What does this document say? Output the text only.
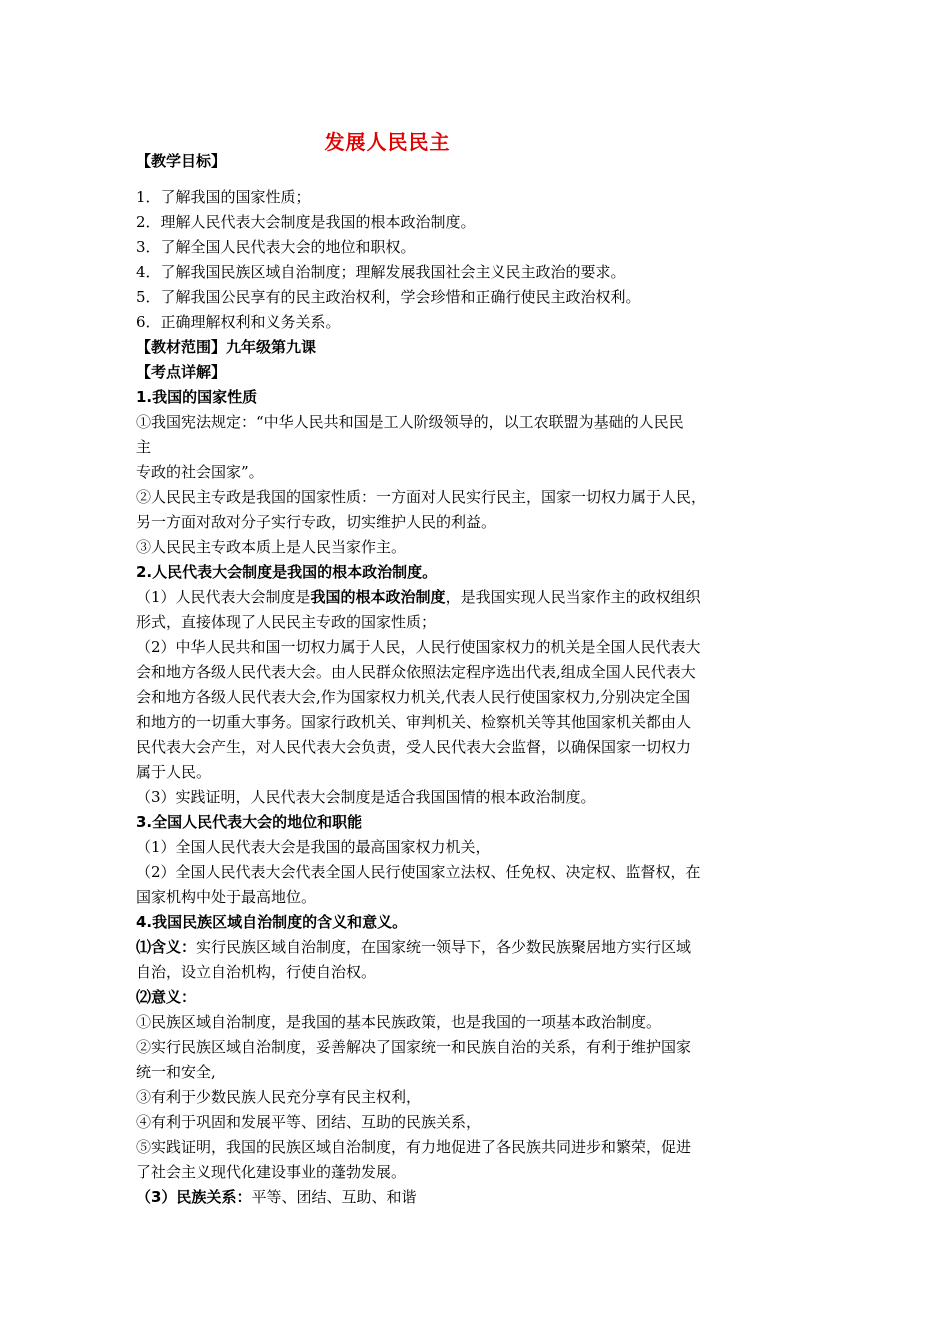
发展人民民主
【教学目标】
1．了解我国的国家性质；
2．理解人民代表大会制度是我国的根本政治制度。
3．了解全国人民代表大会的地位和职权。
4．了解我国民族区域自治制度；理解发展我国社会主义民主政治的要求。
5．了解我国公民享有的民主政治权利，学会珍惜和正确行使民主政治权利。
6．正确理解权利和义务关系。
【教材范围】九年级第九课
【考点详解】
1.我国的国家性质
①我国宪法规定：“中华人民共和国是工人阶级领导的，以工农联盟为基础的人民民
主
专政的社会国家”。
②人民民主专政是我国的国家性质：一方面对人民实行民主，国家一切权力属于人民，
另一方面对敌对分子实行专政，切实维护人民的利益。
③人民民主专政本质上是人民当家作主。
2.人民代表大会制度是我国的根本政治制度。
（1）人民代表大会制度是我国的根本政治制度，是我国实现人民当家作主的政权组织
形式，直接体现了人民民主专政的国家性质；
（2）中华人民共和国一切权力属于人民，人民行使国家权力的机关是全国人民代表大
会和地方各级人民代表大会。由人民群众依照法定程序选出代表,组成全国人民代表大
会和地方各级人民代表大会,作为国家权力机关,代表人民行使国家权力,分别决定全国
和地方的一切重大事务。国家行政机关、审判机关、检察机关等其他国家机关都由人
民代表大会产生，对人民代表大会负责，受人民代表大会监督，以确保国家一切权力
属于人民。
（3）实践证明，人民代表大会制度是适合我国国情的根本政治制度。
3.全国人民代表大会的地位和职能
（1）全国人民代表大会是我国的最高国家权力机关，
（2）全国人民代表大会代表全国人民行使国家立法权、任免权、决定权、监督权，在
国家机构中处于最高地位。
4.我国民族区域自治制度的含义和意义。
⑴含义：实行民族区域自治制度，在国家统一领导下，各少数民族聚居地方实行区域
自治，设立自治机构，行使自治权。
⑵意义：
①民族区域自治制度，是我国的基本民族政策，也是我国的一项基本政治制度。
②实行民族区域自治制度，妥善解决了国家统一和民族自治的关系，有利于维护国家
统一和安全,
③有利于少数民族人民充分享有民主权利，
④有利于巩固和发展平等、团结、互助的民族关系，
⑤实践证明，我国的民族区域自治制度，有力地促进了各民族共同进步和繁荣，促进
了社会主义现代化建设事业的蓬勃发展。
（3）民族关系：平等、团结、互助、和谐
